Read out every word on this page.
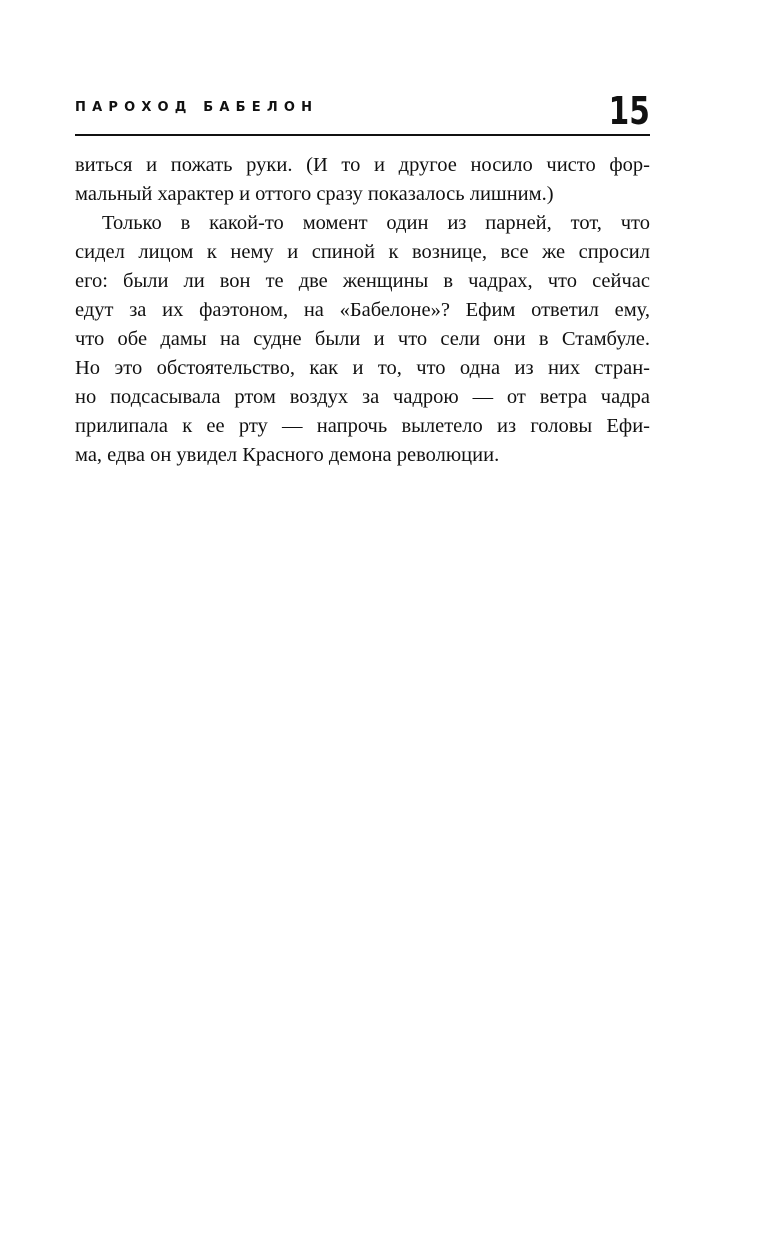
ПАРОХОД БАБЕЛОН	15
виться и пожать руки. (И то и другое носило чисто фор-
мальный характер и оттого сразу показалось лишним.)
Только в какой-то момент один из парней, тот, что
сидел лицом к нему и спиной к вознице, все же спросил
его: были ли вон те две женщины в чадрах, что сейчас
едут за их фаэтоном, на «Бабелоне»? Ефим ответил ему,
что обе дамы на судне были и что сели они в Стамбуле.
Но это обстоятельство, как и то, что одна из них стран-
но подсасывала ртом воздух за чадрою — от ветра чадра
прилипала к ее рту — напрочь вылетело из головы Ефи-
ма, едва он увидел Красного демона революции.
